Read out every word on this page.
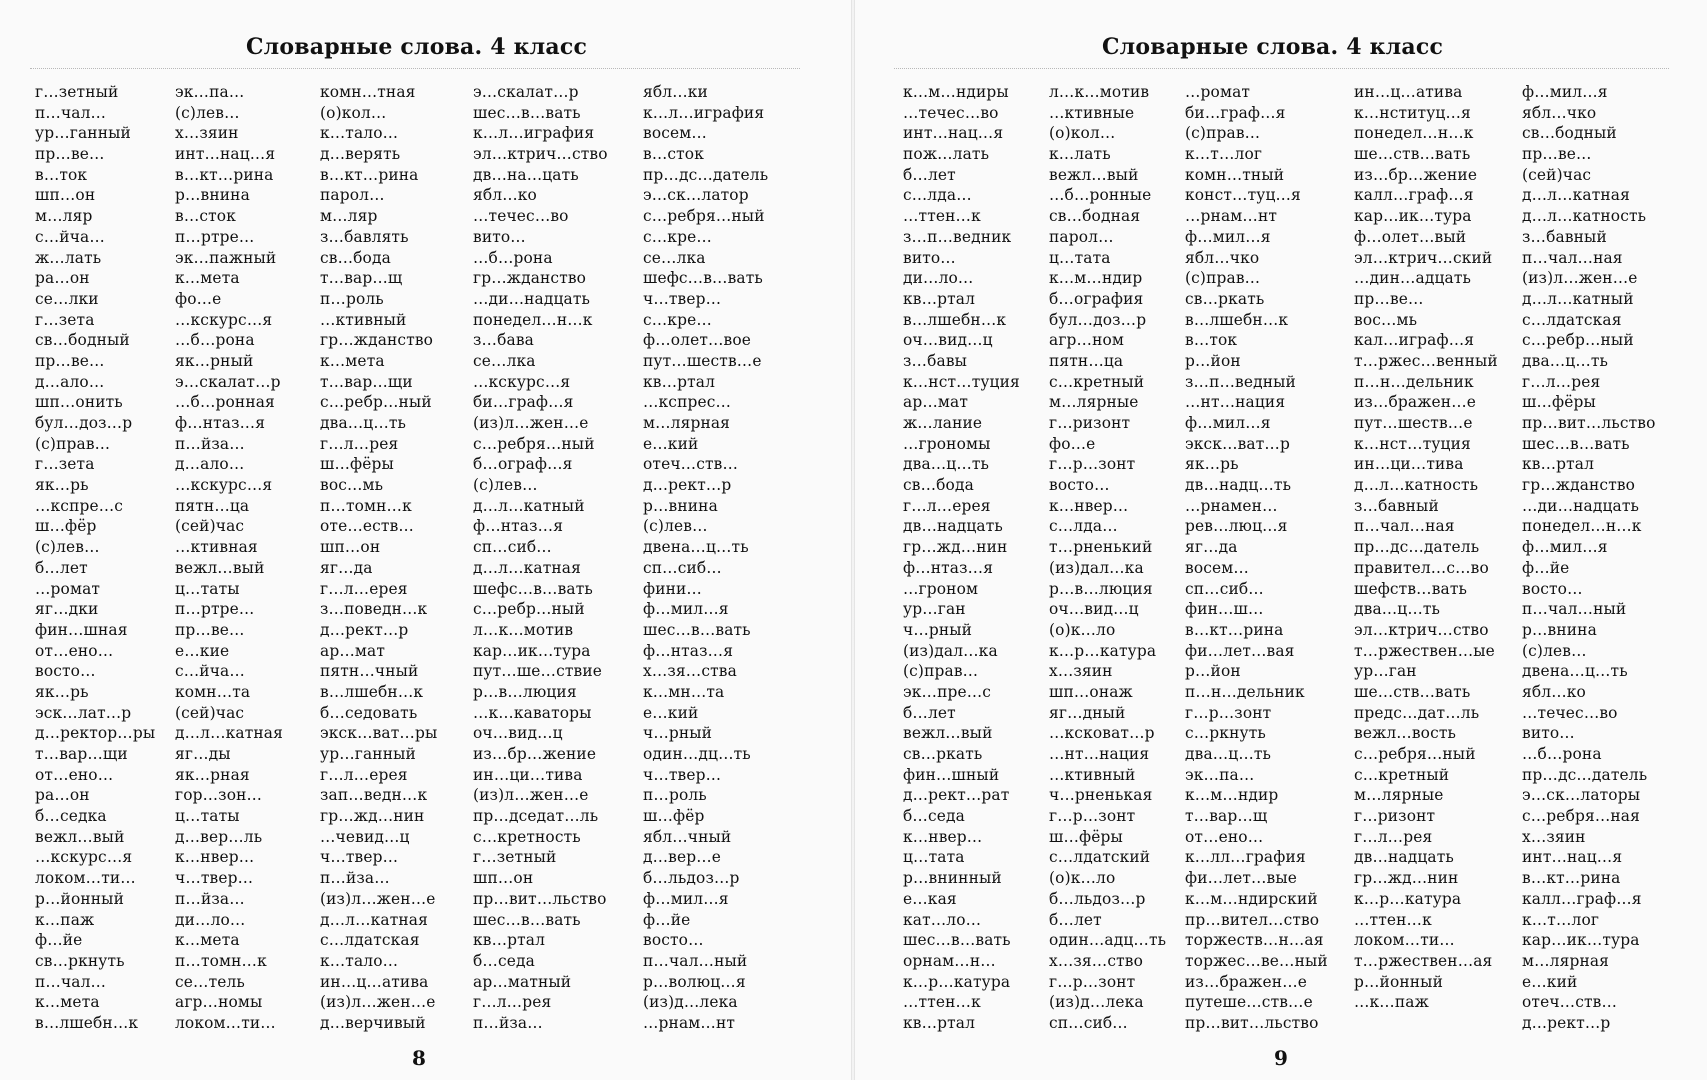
Словарные слова. 4 класс
г…зетный
п…чал…
ур…ганный
пр…ве…
в…ток
шп…он
м…ляр
с…йча…
ж…лать
ра…он
се…лки
г…зета
св…бодный
пр…ве…
д…ало…
шп…онить
бул…доз…р
(с)прав…
г…зета
як…рь
…кспре…с
ш…фёр
(с)лев…
б…лет
…ромат
яг…дки
фин…шная
от…ено…
восто…
як…рь
эск…лат…р
д…ректор…ры
т…вар…щи
от…ено…
ра…он
б…седка
вежл…вый
…кскурс…я
локом…ти…
р…йонный
к…паж
ф…йе
св…ркнуть
п…чал…
к…мета
в…лшебн…к
эк…па…
(с)лев…
х…зяин
инт…нац…я
в…кт…рина
р…внина
в…сток
п…ртре…
эк…пажный
к…мета
фо…е
…кскурс…я
…б…рона
як…рный
э…скалат…р
…б…ронная
ф…нтаз…я
п…йза…
д…ало…
…кскурс…я
пятн…ца
(сей)час
…ктивная
вежл…вый
ц…таты
п…ртре…
пр…ве…
е…кие
с…йча…
комн…та
(сей)час
д…л…катная
яг…ды
як…рная
гор…зон…
ц…таты
д…вер…ль
к…нвер…
ч…твер…
п…йза…
ди…ло…
к…мета
п…томн…к
се…тель
агр…номы
локом…ти…
комн…тная
(о)кол…
к…тало…
д…верять
в…кт…рина
парол…
м…ляр
з…бавлять
св…бода
т…вар…щ
п…роль
…ктивный
гр…жданство
к…мета
т…вар…щи
с…ребр…ный
два…ц…ть
г…л…рея
ш…фёры
вос…мь
п…томн…к
оте…еств…
шп…он
яг…да
г…л…ерея
з…поведн…к
д…рект…р
ар…мат
пятн…чный
в…лшебн…к
б…седовать
экск…ват…ры
ур…ганный
г…л…ерея
зап…ведн…к
гр…жд…нин
…чевид…ц
ч…твер…
п…йза…
(из)л…жен…е
д…л…катная
с…лдатская
к…тало…
ин…ц…атива
(из)л…жен…е
д…верчивый
э…скалат…р
шес…в…вать
к…л…играфия
эл…ктрич…ство
дв…на…цать
ябл…ко
…течес…во
вито…
…б…рона
гр…жданство
…ди…надцать
понедел…н…к
з…бава
се…лка
…кскурс…я
би…граф…я
(из)л…жен…е
с…ребря…ный
б…ограф…я
(с)лев…
д…л…катный
ф…нтаз…я
сп…сиб…
д…л…катная
шефс…в…вать
с…ребр…ный
л…к…мотив
кар…ик…тура
пут…ше…ствие
р…в…люция
…к…каваторы
оч…вид…ц
из…бр…жение
ин…ци…тива
(из)л…жен…е
пр…дседат…ль
с…кретность
г…зетный
шп…он
пр…вит…льство
шес…в…вать
кв…ртал
б…седа
ар…матный
г…л…рея
п…йза…
ябл…ки
к…л…играфия
восем…
в…сток
пр…дс…датель
э…ск…латор
с…ребря…ный
с…кре…
се…лка
шефс…в…вать
ч…твер…
с…кре…
ф…олет…вое
пут…шеств…е
кв…ртал
…кспрес…
м…лярная
е…кий
отеч…ств…
д…рект…р
р…внина
(с)лев…
двена…ц…ть
сп…сиб…
фини…
ф…мил…я
шес…в…вать
ф…нтаз…я
х…зя…ства
к…мн…та
е…кий
ч…рный
один…дц…ть
ч…твер…
п…роль
ш…фёр
ябл…чный
д…вер…е
б…льдоз…р
ф…мил…я
ф…йе
восто…
п…чал…ный
р…волюц…я
(из)д…лека
…рнам…нт
8
Словарные слова. 4 класс
к…м…ндиры
…течес…во
инт…нац…я
пож…лать
б…лет
с…лда…
…ттен…к
з…п…ведник
вито…
ди…ло…
кв…ртал
в…лшебн…к
оч…вид…ц
з…бавы
к…нст…туция
ар…мат
ж…лание
…грономы
два…ц…ть
св…бода
г…л…ерея
дв…надцать
гр…жд…нин
ф…нтаз…я
…гроном
ур…ган
ч…рный
(из)дал…ка
(с)прав…
эк…пре…с
б…лет
вежл…вый
св…ркать
фин…шный
д…рект…рат
б…седа
к…нвер…
ц…тата
р…внинный
е…кая
кат…ло…
шес…в…вать
орнам…н…
к…р…катура
…ттен…к
кв…ртал
л…к…мотив
…ктивные
(о)кол…
к…лать
вежл…вый
…б…ронные
св…бодная
парол…
ц…тата
к…м…ндир
б…ография
бул…доз…р
агр…ном
пятн…ца
с…кретный
м…лярные
г…ризонт
фо…е
г…р…зонт
восто…
к…нвер…
с…лда…
т…рненький
(из)дал…ка
р…в…люция
оч…вид…ц
(о)к…ло
к…р…катура
х…зяин
шп…онаж
яг…дный
…ксковат…р
…нт…нация
…ктивный
ч…рненькая
г…р…зонт
ш…фёры
с…лдатский
(о)к…ло
б…льдоз…р
б…лет
один…адц…ть
х…зя…ство
г…р…зонт
(из)д…лека
сп…сиб…
…ромат
би…граф…я
(с)прав…
к…т…лог
комн…тный
конст…туц…я
…рнам…нт
ф…мил…я
ябл…чко
(с)прав…
св…ркать
в…лшебн…к
в…ток
р…йон
з…п…ведный
…нт…нация
ф…мил…я
экск…ват…р
як…рь
дв…надц…ть
…рнамен…
рев…люц…я
яг…да
восем…
сп…сиб…
фин…ш…
в…кт…рина
фи…лет…вая
р…йон
п…н…дельник
г…р…зонт
с…ркнуть
два…ц…ть
эк…па…
к…м…ндир
т…вар…щ
от…ено…
к…лл…графия
фи…лет…вые
к…м…ндирский
пр…вител…ство
торжеств…н…ая
торжес…ве…ный
из…бражен…е
путеше…ств…е
пр…вит…льство
ин…ц…атива
к…нституц…я
понедел…н…к
ше…ств…вать
из…бр…жение
калл…граф…я
кар…ик…тура
ф…олет…вый
эл…ктрич…ский
…дин…адцать
пр…ве…
вос…мь
кал…играф…я
т…ржес…венный
п…н…дельник
из…бражен…е
пут…шеств…е
к…нст…туция
ин…ци…тива
д…л…катность
з…бавный
п…чал…ная
пр…дс…датель
правител…с…во
шефств…вать
два…ц…ть
эл…ктрич…ство
т…ржествен…ые
ур…ган
ше…ств…вать
предс…дат…ль
вежл…вость
с…ребря…ный
с…кретный
м…лярные
г…ризонт
г…л…рея
дв…надцать
гр…жд…нин
к…р…катура
…ттен…к
локом…ти…
т…ржествен…ая
р…йонный
…к…паж
ф…мил…я
ябл…чко
св…бодный
пр…ве…
(сей)час
д…л…катная
д…л…катность
з…бавный
п…чал…ная
(из)л…жен…е
д…л…катный
с…лдатская
с…ребр…ный
два…ц…ть
г…л…рея
ш…фёры
пр…вит…льство
шес…в…вать
кв…ртал
гр…жданство
…ди…надцать
понедел…н…к
ф…мил…я
ф…йе
восто…
п…чал…ный
р…внина
(с)лев…
двена…ц…ть
ябл…ко
…течес…во
вито…
…б…рона
пр…дс…датель
э…ск…латоры
с…ребря…ная
х…зяин
инт…нац…я
в…кт…рина
калл…граф…я
к…т…лог
кар…ик…тура
м…лярная
е…кий
отеч…ств…
д…рект…р
9
